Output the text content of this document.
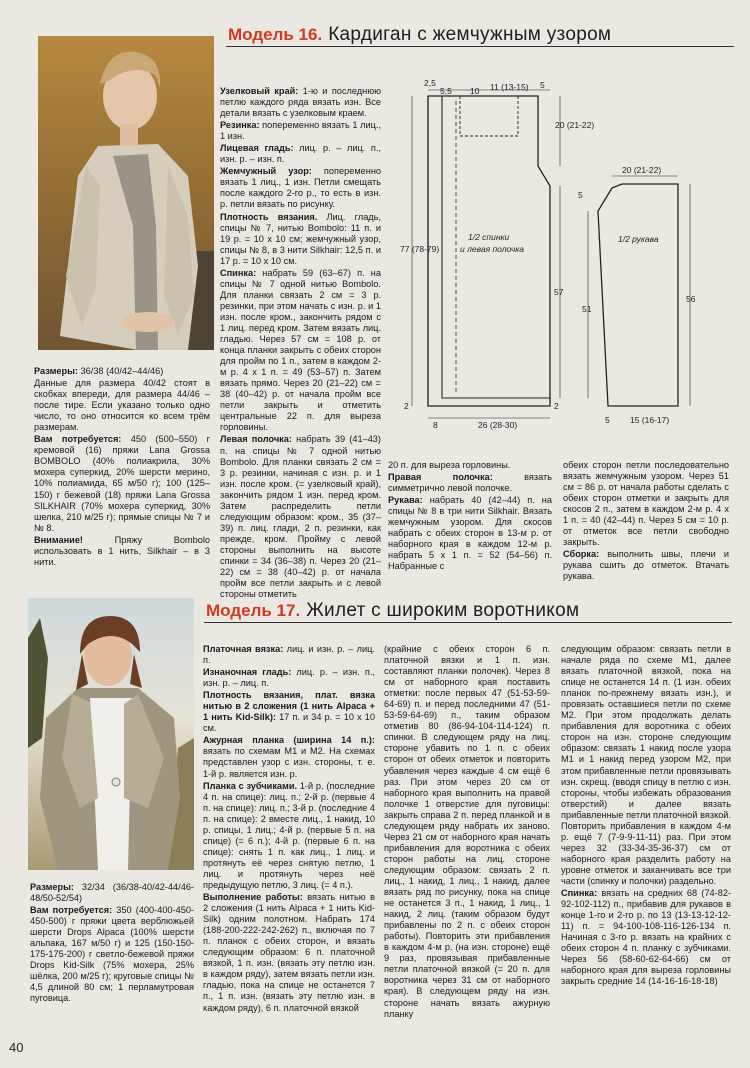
Модель 16. Кардиган с жемчужным узором

Узелковый край: 1-ю и последнюю петлю каждого ряда вязать изн. Все детали вязать с узелковым краем.

Резинка: попеременно вязать 1 лиц., 1 изн.

Лицевая гладь: лиц. р. – лиц. п., изн. р. – изн. п.

Жемчужный узор: попеременно вязать 1 лиц., 1 изн. Петли смещать после каждого 2-го р., то есть в изн. р. петли вязать по рисунку.

Плотность вязания. Лиц. гладь, спицы № 7, нитью Bombolo: 11 п. и 19 р. = 10 х 10 см; жемчужный узор, спицы № 8, в 3 нити Silkhair: 12,5 п. и 17 р. = 10 х 10 см.

Спинка: набрать 59 (63–67) п. на спицы № 7 одной нитью Bombolo. Для планки связать 2 см = 3 р. резинки, при этом начать с изн. р. и 1 изн. после кром., закончить рядом с 1 лиц. перед кром. Затем вязать лиц. гладью. Через 57 см = 108 р. от конца планки закрыть с обеих сторон для пройм по 1 п., затем в каждом 2-м р. 4 х 1 п. = 49 (53–57) п. Затем вязать прямо. Через 20 (21–22) см = 38 (40–42) р. от начала пройм все петли закрыть и отметить центральные 22 п. для выреза горловины.

Левая полочка: набрать 39 (41–43) п. на спицы № 7 одной нитью Bombolo. Для планки связать 2 см = 3 р. резинки, начиная с изн. р. и 1 изн. после кром. (= узелковый край), закончить рядом 1 изн. перед кром. Затем распределить петли следующим образом: кром., 35 (37–39) п. лиц. глади, 2 п. резинки, как прежде, кром. Пройму с левой стороны выполнить на высоте спинки = 34 (36–38) п. Через 20 (21–22) см = 38 (40–42) р. от начала пройм все петли закрыть и с левой стороны отметить

Размеры: 36/38 (40/42–44/46)

Данные для размера 40/42 стоят в скобках впереди, для размера 44/46 – после тире. Если указано только одно число, то оно относится ко всем трём размерам.

Вам потребуется: 450 (500–550) г кремовой (16) пряжи Lana Grossa BOMBOLO (40% полиакрила, 30% мохера суперкид, 20% шерсти мерино, 10% полиамида, 65 м/50 г); 100 (125–150) г бежевой (18) пряжи Lana Grossa SILKHAIR (70% мохера суперкид, 30% шелка, 210 м/25 г); прямые спицы № 7 и № 8.

Внимание! Пряжу Bombolo использовать в 1 нить, Silkhair – в 3 нити.

2,5
5,5 10 11 (13-15) 5
20 (21-22)
77 (78-79)
57
2	2
8	26 (28-30)
1/2 спинки
и левая полочка
20 (21-22)
5
1/2 рукава
51
56
5 15 (16-17)

20 п. для выреза горловины.

Правая полочка: вязать симметрично левой полочке.

Рукава: набрать 40 (42–44) п. на спицы № 8 в три нити Silkhair. Вязать жемчужным узором. Для скосов набрать с обеих сторон в 13-м р. от наборного края в каждом 12-м р. набрать 5 х 1 п. = 52 (54–56) п. Набранные с

обеих сторон петли последовательно вязать жемчужным узором. Через 51 см = 86 р. от начала работы сделать с обеих сторон отметки и закрыть для скосов 2 п., затем в каждом 2-м р. 4 х 1 п. = 40 (42–44) п. Через 5 см = 10 р. от отметок все петли свободно закрыть.

Сборка: выполнить швы, плечи и рукава сшить до отметок. Втачать рукава.

Модель 17. Жилет с широким воротником

Платочная вязка: лиц. и изн. р. – лиц. п.

Изнаночная гладь: лиц. р. – изн. п., изн. р. – лиц. п.

Плотность вязания, плат. вязка нитью в 2 сложения (1 нить Alpaca + 1 нить Kid-Silk): 17 п. и 34 р. = 10 х 10 см.

Ажурная планка (ширина 14 п.): вязать по схемам М1 и М2. На схемах представлен узор с изн. стороны, т. е. 1-й р. является изн. р.

Планка с зубчиками. 1-й р. (последние 4 п. на спице): лиц. п.; 2-й р. (первые 4 п. на спице): лиц. п.; 3-й р. (последние 4 п. на спице): 2 вместе лиц., 1 накид, 10 р. спицы, 1 лиц.; 4-й р. (первые 5 п. на спице) (= 6 п.); 4-й р. (первые 6 п. на спице): снять 1 п. как лиц., 1 лиц. и протянуть её через снятую петлю, 1 лиц. и протянуть через неё предыдущую петлю, 3 лиц. (= 4 п.).

Выполнение работы: вязать нитью в 2 сложения (1 нить Alpaca + 1 нить Kid-Silk) одним полотном. Набрать 174 (188-200-222-242-262) п., включая по 7 п. планок с обеих сторон, и вязать следующим образом: 6 п. платочной вязкой, 1 п. изн. (вязать эту петлю изн. в каждом ряду), затем вязать петли изн. гладью, пока на спице не останется 7 п., 1 п. изн. (вязать эту петлю изн. в каждом ряду), 6 п. платочной вязкой

Размеры: 32/34 (36/38-40/42-44/46-48/50-52/54)

Вам потребуется: 350 (400-400-450-450-500) г пряжи цвета верблюжьей шерсти Drops Alpaca (100% шерсти альпака, 167 м/50 г) и 125 (150-150-175-175-200) г светло-бежевой пряжи Drops Kid-Silk (75% мохера, 25% шёлка, 200 м/25 г); круговые спицы № 4,5 длиной 80 см; 1 перламутровая пуговица.

(крайние с обеих сторон 6 п. платочной вязки и 1 п. изн. составляют планки полочек). Через 8 см от наборного края поставить отметки: после первых 47 (51-53-59-64-69) п. и перед последними 47 (51-53-59-64-69) п., таким образом отметив 80 (86-94-104-114-124) п. спинки. В следующем ряду на лиц. стороне убавить по 1 п. с обеих сторон от обеих отметок и повторить убавления через каждые 4 см ещё 6 раз. При этом через 20 см от наборного края выполнить на правой полочке 1 отверстие для пуговицы: закрыть справа 2 п. перед планкой и в следующем ряду набрать их заново. Через 21 см от наборного края начать прибавления для воротника с обеих сторон работы на лиц. стороне следующим образом: связать 2 п. лиц., 1 накид, 1 лиц., 1 накид, далее вязать ряд по рисунку, пока на спице не останется 3 п., 1 накид, 1 лиц., 1 накид, 2 лиц. (таким образом будут прибавлены по 2 п. с обеих сторон работы). Повторить эти прибавления в каждом 4-м р. (на изн. стороне) ещё 9 раз, провязывая прибавленные петли платочной вязкой (= 20 п. для воротника через 31 см от наборного края). В следующем ряду на изн. стороне начать вязать ажурную планку

следующим образом: связать петли в начале ряда по схеме М1, далее вязать платочной вязкой, пока на спице не останется 14 п. (1 изн. обеих планок по-прежнему вязать изн.), и провязать оставшиеся петли по схеме М2. При этом продолжать делать прибавления для воротника с обеих сторон на изн. стороне следующим образом: связать 1 накид после узора М1 и 1 накид перед узором М2, при этом прибавленные петли провязывать изн. скрещ. (вводя спицу в петлю с изн. стороны, чтобы избежать образования отверстий) и далее вязать прибавленные петли платочной вязкой. Повторить прибавления в каждом 4-м р. ещё 7 (7-9-9-11-11) раз. При этом через 32 (33-34-35-36-37) см от наборного края разделить работу на уровне отметок и заканчивать все три части (спинку и полочки) раздельно.

Спинка: вязать на средних 68 (74-82-92-102-112) п., прибавив для рукавов в конце 1-го и 2-го р. по 13 (13-13-12-12-11) п. = 94-100-108-116-126-134 п. Начиная с 3-го р. вязать на крайних с обеих сторон 4 п. планку с зубчиками. Через 56 (58-60-62-64-66) см от наборного края для выреза горловины закрыть средние 14 (14-16-16-18-18)

40
